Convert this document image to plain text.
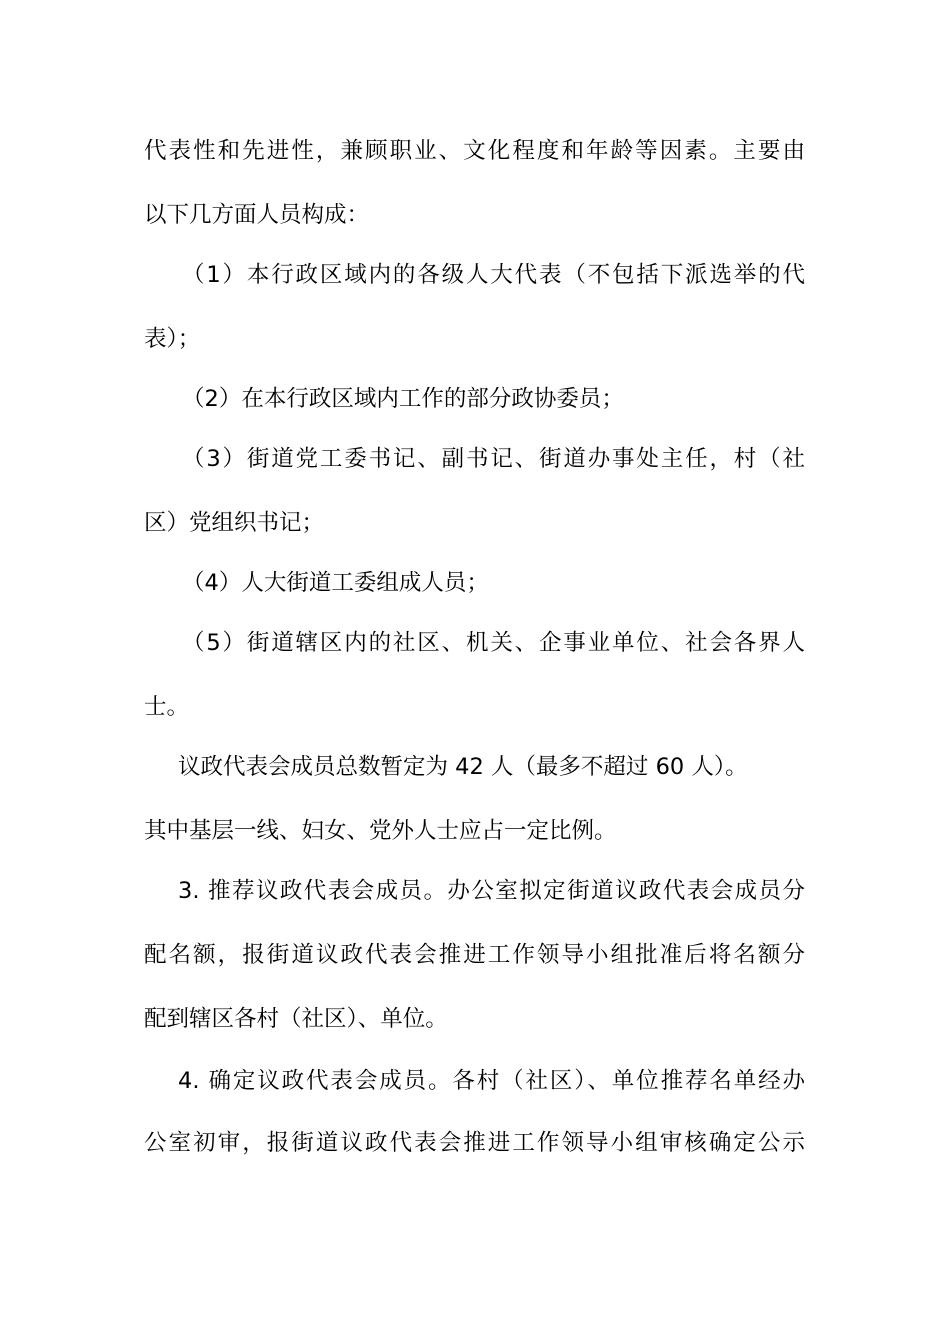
代表性和先进性，兼顾职业、文化程度和年龄等因素。主要由
以下几方面人员构成：
（1）本行政区域内的各级人大代表（不包括下派选举的代
表）；
（2）在本行政区域内工作的部分政协委员；
（3）街道党工委书记、副书记、街道办事处主任，村（社
区）党组织书记；
（4）人大街道工委组成人员；
（5）街道辖区内的社区、机关、企事业单位、社会各界人
士。
议政代表会成员总数暂定为 42 人（最多不超过 60 人）。
其中基层一线、妇女、党外人士应占一定比例。
3. 推荐议政代表会成员。办公室拟定街道议政代表会成员分
配名额，报街道议政代表会推进工作领导小组批准后将名额分
配到辖区各村（社区）、单位。
4. 确定议政代表会成员。各村（社区）、单位推荐名单经办
公室初审，报街道议政代表会推进工作领导小组审核确定公示
